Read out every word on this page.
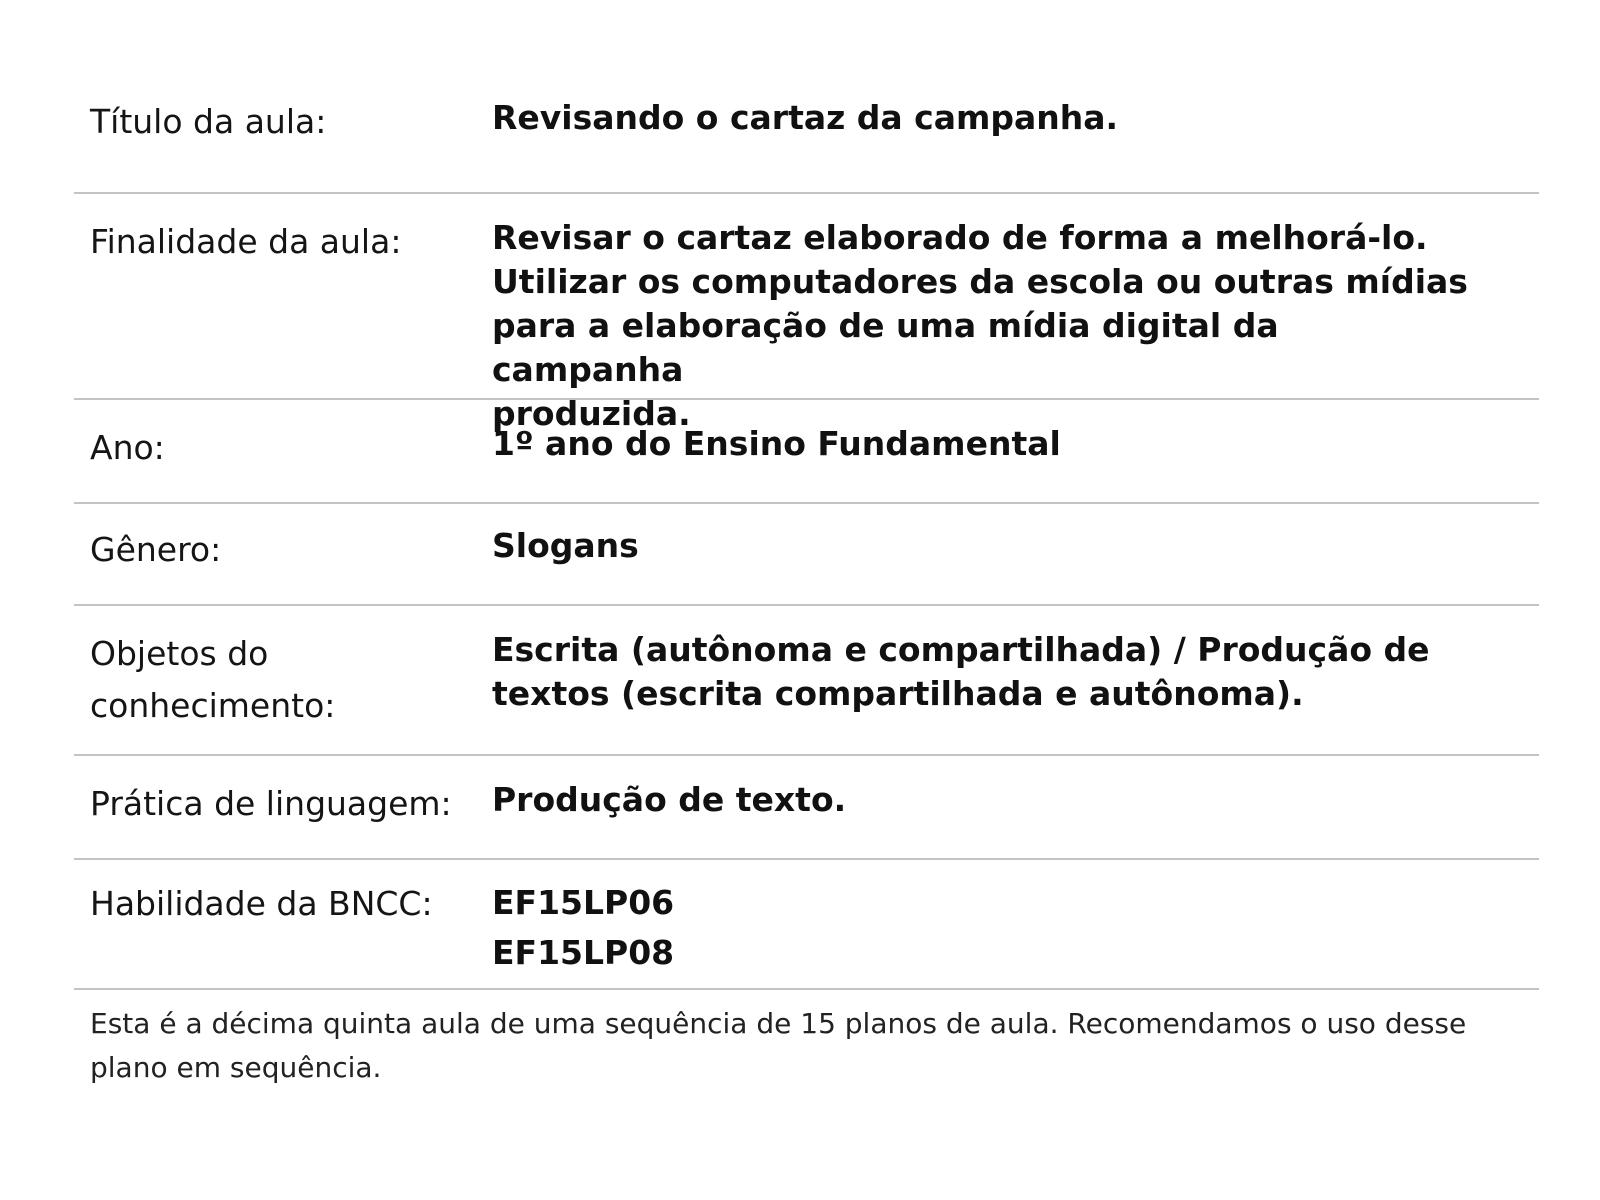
Título da aula:	Revisando o cartaz da campanha.
Finalidade da aula:	Revisar o cartaz elaborado de forma a melhorá-lo.
Utilizar os computadores da escola ou outras mídias
para a elaboração de uma mídia digital da campanha
produzida.
Ano:	1º ano do Ensino Fundamental
Gênero:	Slogans
Objetos do conhecimento:
Escrita (autônoma e compartilhada) / Produção de
textos (escrita compartilhada e autônoma).
Prática de linguagem:	Produção de texto.
Habilidade da BNCC:	EF15LP06
EF15LP08
Esta é a décima quinta aula de uma sequência de 15 planos de aula. Recomendamos o uso desse
plano em sequência.
